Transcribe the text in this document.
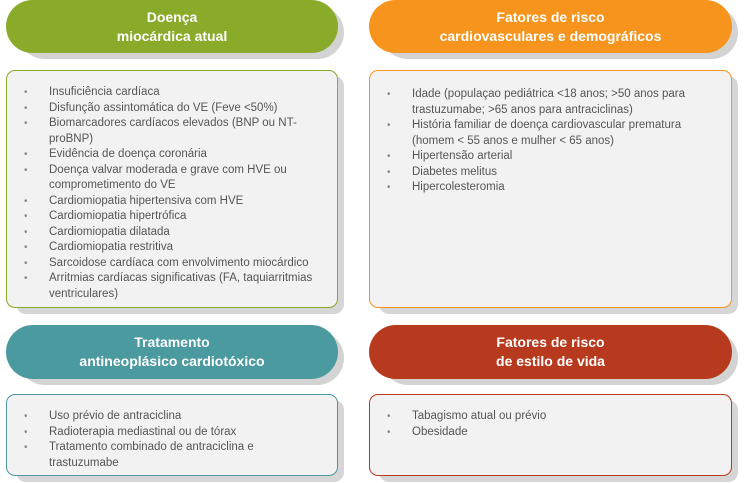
Doença
miocárdica atual
• Insuficiência cardíaca
• Disfunção assintomática do VE (Feve <50%)
• Biomarcadores cardíacos elevados (BNP ou NT-proBNP)
• Evidência de doença coronária
• Doença valvar moderada e grave com HVE ou comprometimento do VE
• Cardiomiopatia hipertensiva com HVE
• Cardiomiopatia hipertrófica
• Cardiomiopatia dilatada
• Cardiomiopatia restritiva
• Sarcoidose cardíaca com envolvimento miocárdico
• Arritmias cardíacas significativas (FA, taquiarritmias ventriculares)
Fatores de risco
cardiovasculares e demográficos
• Idade (populaçao pediátrica <18 anos; >50 anos para trastuzumabe; >65 anos para antraciclinas)
• História familiar de doença cardiovascular prematura (homem < 55 anos e mulher < 65 anos)
• Hipertensão arterial
• Diabetes melitus
• Hipercolesteromia
Tratamento
antineoplásico cardiotóxico
• Uso prévio de antraciclina
• Radioterapia mediastinal ou de tórax
• Tratamento combinado de antraciclina e trastuzumabe
Fatores de risco
de estilo de vida
• Tabagismo atual ou prévio
• Obesidade
